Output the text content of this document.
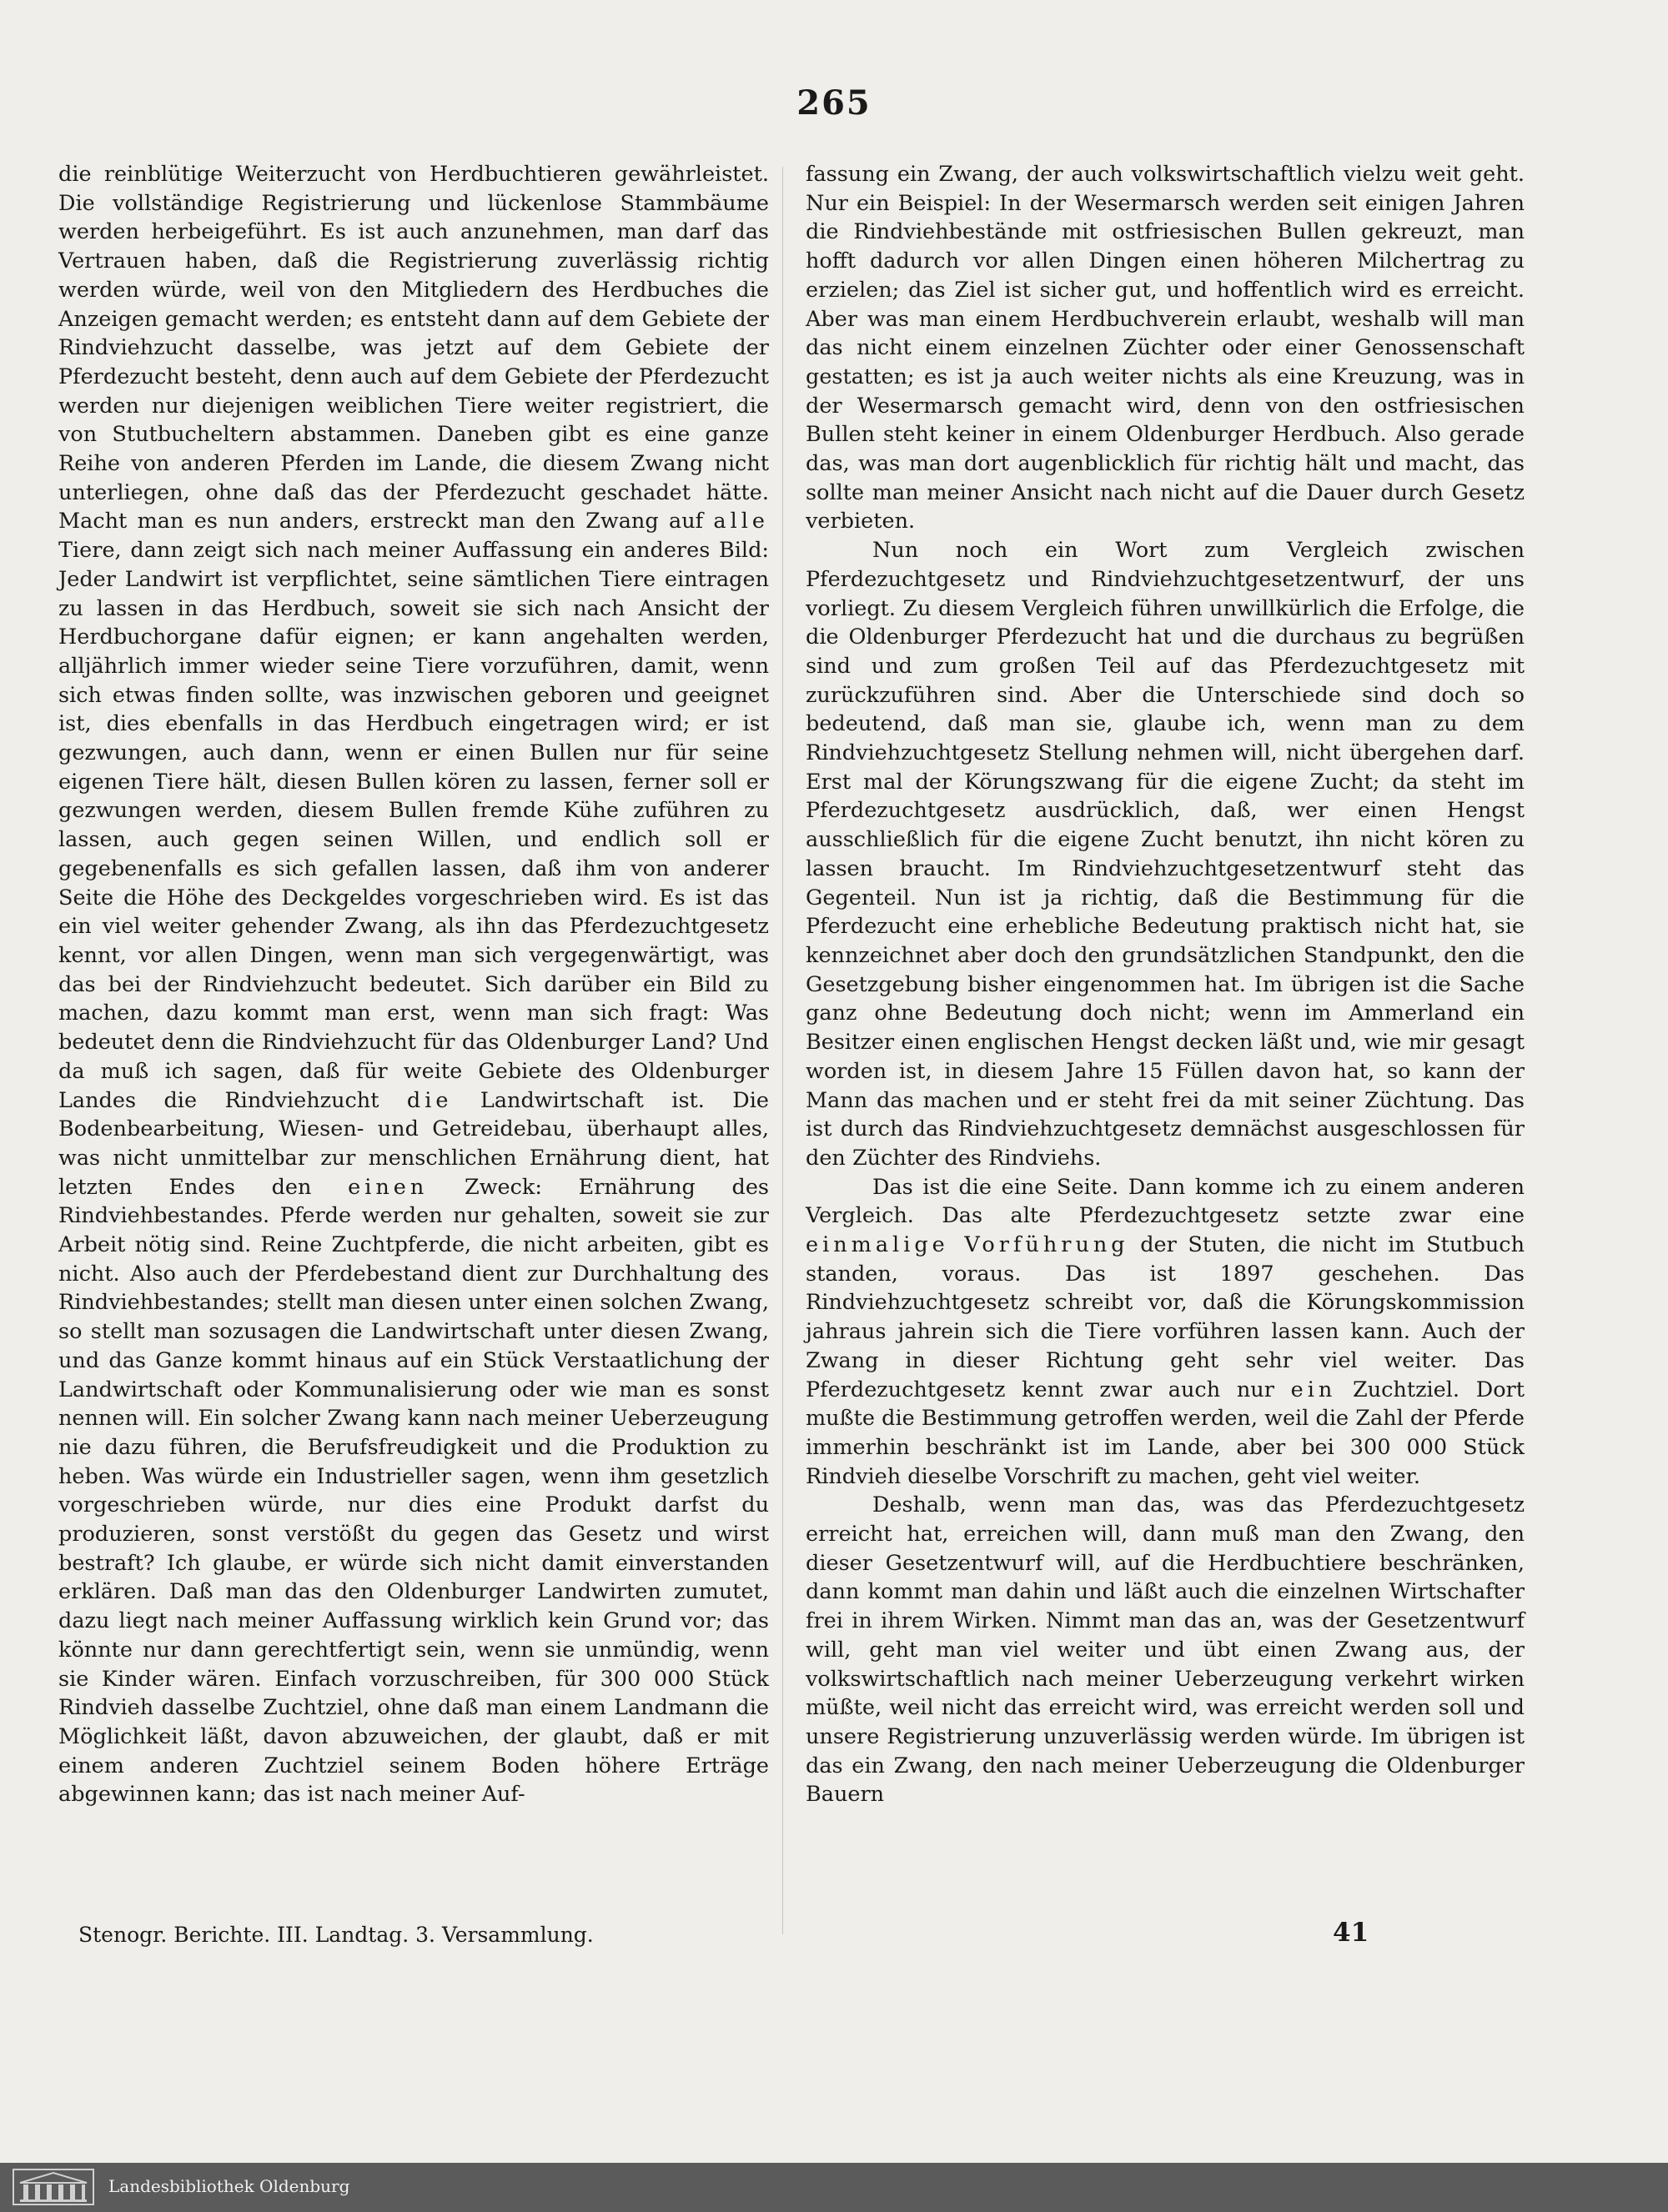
265

die reinblütige Weiterzucht von Herdbuchtieren gewährleistet. Die vollständige Registrierung und lückenlose Stammbäume werden herbeigeführt. Es ist auch anzunehmen, man darf das Vertrauen haben, daß die Registrierung zuverlässig richtig werden würde, weil von den Mitgliedern des Herdbuches die Anzeigen gemacht werden; es entsteht dann auf dem Gebiete der Rindviehzucht dasselbe, was jetzt auf dem Gebiete der Pferdezucht besteht, denn auch auf dem Gebiete der Pferdezucht werden nur diejenigen weiblichen Tiere weiter registriert, die von Stutbucheltern abstammen. Daneben gibt es eine ganze Reihe von anderen Pferden im Lande, die diesem Zwang nicht unterliegen, ohne daß das der Pferdezucht geschadet hätte. Macht man es nun anders, erstreckt man den Zwang auf alle Tiere, dann zeigt sich nach meiner Auffassung ein anderes Bild: Jeder Landwirt ist verpflichtet, seine sämtlichen Tiere eintragen zu lassen in das Herdbuch, soweit sie sich nach Ansicht der Herdbuchorgane dafür eignen; er kann angehalten werden, alljährlich immer wieder seine Tiere vorzuführen, damit, wenn sich etwas finden sollte, was inzwischen geboren und geeignet ist, dies ebenfalls in das Herdbuch eingetragen wird; er ist gezwungen, auch dann, wenn er einen Bullen nur für seine eigenen Tiere hält, diesen Bullen kören zu lassen, ferner soll er gezwungen werden, diesem Bullen fremde Kühe zuführen zu lassen, auch gegen seinen Willen, und endlich soll er gegebenenfalls es sich gefallen lassen, daß ihm von anderer Seite die Höhe des Deckgeldes vorgeschrieben wird. Es ist das ein viel weiter gehender Zwang, als ihn das Pferdezuchtgesetz kennt, vor allen Dingen, wenn man sich vergegenwärtigt, was das bei der Rindviehzucht bedeutet. Sich darüber ein Bild zu machen, dazu kommt man erst, wenn man sich fragt: Was bedeutet denn die Rindviehzucht für das Oldenburger Land? Und da muß ich sagen, daß für weite Gebiete des Oldenburger Landes die Rindviehzucht die Landwirtschaft ist. Die Bodenbearbeitung, Wiesen- und Getreidebau, überhaupt alles, was nicht unmittelbar zur menschlichen Ernährung dient, hat letzten Endes den einen Zweck: Ernährung des Rindviehbestandes. Pferde werden nur gehalten, soweit sie zur Arbeit nötig sind. Reine Zuchtpferde, die nicht arbeiten, gibt es nicht. Also auch der Pferdebestand dient zur Durchhaltung des Rindviehbestandes; stellt man diesen unter einen solchen Zwang, so stellt man sozusagen die Landwirtschaft unter diesen Zwang, und das Ganze kommt hinaus auf ein Stück Verstaatlichung der Landwirtschaft oder Kommunalisierung oder wie man es sonst nennen will. Ein solcher Zwang kann nach meiner Ueberzeugung nie dazu führen, die Berufsfreudigkeit und die Produktion zu heben. Was würde ein Industrieller sagen, wenn ihm gesetzlich vorgeschrieben würde, nur dies eine Produkt darfst du produzieren, sonst verstößt du gegen das Gesetz und wirst bestraft? Ich glaube, er würde sich nicht damit einverstanden erklären. Daß man das den Oldenburger Landwirten zumutet, dazu liegt nach meiner Auffassung wirklich kein Grund vor; das könnte nur dann gerechtfertigt sein, wenn sie unmündig, wenn sie Kinder wären. Einfach vorzuschreiben, für 300 000 Stück Rindvieh dasselbe Zuchtziel, ohne daß man einem Landmann die Möglichkeit läßt, davon abzuweichen, der glaubt, daß er mit einem anderen Zuchtziel seinem Boden höhere Erträge abgewinnen kann; das ist nach meiner Auf-

fassung ein Zwang, der auch volkswirtschaftlich vielzu weit geht. Nur ein Beispiel: In der Wesermarsch werden seit einigen Jahren die Rindviehbestände mit ostfriesischen Bullen gekreuzt, man hofft dadurch vor allen Dingen einen höheren Milchertrag zu erzielen; das Ziel ist sicher gut, und hoffentlich wird es erreicht. Aber was man einem Herdbuchverein erlaubt, weshalb will man das nicht einem einzelnen Züchter oder einer Genossenschaft gestatten; es ist ja auch weiter nichts als eine Kreuzung, was in der Wesermarsch gemacht wird, denn von den ostfriesischen Bullen steht keiner in einem Oldenburger Herdbuch. Also gerade das, was man dort augenblicklich für richtig hält und macht, das sollte man meiner Ansicht nach nicht auf die Dauer durch Gesetz verbieten.

Nun noch ein Wort zum Vergleich zwischen Pferdezuchtgesetz und Rindviehzuchtgesetzentwurf, der uns vorliegt. Zu diesem Vergleich führen unwillkürlich die Erfolge, die die Oldenburger Pferdezucht hat und die durchaus zu begrüßen sind und zum großen Teil auf das Pferdezuchtgesetz mit zurückzuführen sind. Aber die Unterschiede sind doch so bedeutend, daß man sie, glaube ich, wenn man zu dem Rindviehzuchtgesetz Stellung nehmen will, nicht übergehen darf. Erst mal der Körungszwang für die eigene Zucht; da steht im Pferdezuchtgesetz ausdrücklich, daß, wer einen Hengst ausschließlich für die eigene Zucht benutzt, ihn nicht kören zu lassen braucht. Im Rindviehzuchtgesetzentwurf steht das Gegenteil. Nun ist ja richtig, daß die Bestimmung für die Pferdezucht eine erhebliche Bedeutung praktisch nicht hat, sie kennzeichnet aber doch den grundsätzlichen Standpunkt, den die Gesetzgebung bisher eingenommen hat. Im übrigen ist die Sache ganz ohne Bedeutung doch nicht; wenn im Ammerland ein Besitzer einen englischen Hengst decken läßt und, wie mir gesagt worden ist, in diesem Jahre 15 Füllen davon hat, so kann der Mann das machen und er steht frei da mit seiner Züchtung. Das ist durch das Rindviehzuchtgesetz demnächst ausgeschlossen für den Züchter des Rindviehs.

Das ist die eine Seite. Dann komme ich zu einem anderen Vergleich. Das alte Pferdezuchtgesetz setzte zwar eine einmalige Vorführung der Stuten, die nicht im Stutbuch standen, voraus. Das ist 1897 geschehen. Das Rindviehzuchtgesetz schreibt vor, daß die Körungskommission jahraus jahrein sich die Tiere vorführen lassen kann. Auch der Zwang in dieser Richtung geht sehr viel weiter. Das Pferdezuchtgesetz kennt zwar auch nur ein Zuchtziel. Dort mußte die Bestimmung getroffen werden, weil die Zahl der Pferde immerhin beschränkt ist im Lande, aber bei 300 000 Stück Rindvieh dieselbe Vorschrift zu machen, geht viel weiter.

Deshalb, wenn man das, was das Pferdezuchtgesetz erreicht hat, erreichen will, dann muß man den Zwang, den dieser Gesetzentwurf will, auf die Herdbuchtiere beschränken, dann kommt man dahin und läßt auch die einzelnen Wirtschafter frei in ihrem Wirken. Nimmt man das an, was der Gesetzentwurf will, geht man viel weiter und übt einen Zwang aus, der volkswirtschaftlich nach meiner Ueberzeugung verkehrt wirken müßte, weil nicht das erreicht wird, was erreicht werden soll und unsere Registrierung unzuverlässig werden würde. Im übrigen ist das ein Zwang, den nach meiner Ueberzeugung die Oldenburger Bauern

Stenogr. Berichte. III. Landtag. 3. Versammlung.	41
Landesbibliothek Oldenburg
